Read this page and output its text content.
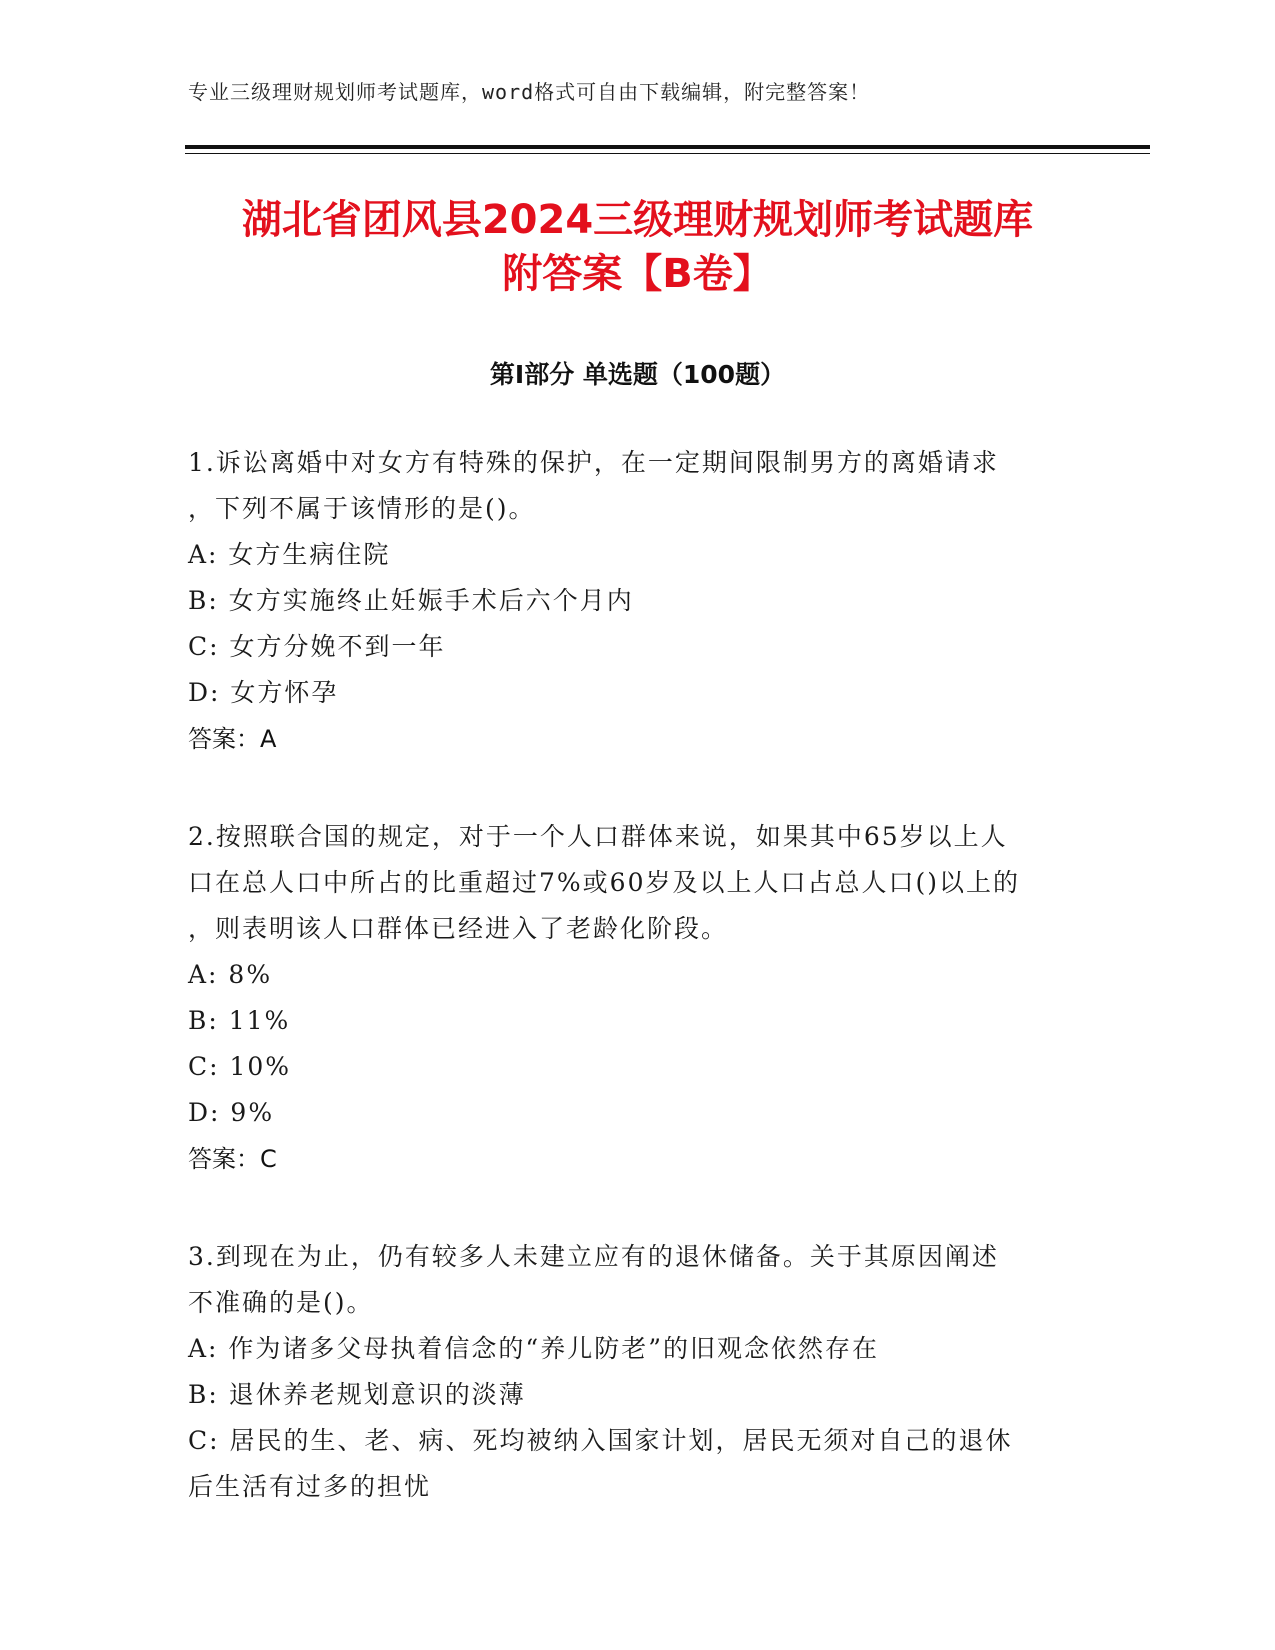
专业三级理财规划师考试题库，word格式可自由下载编辑，附完整答案！
湖北省团风县2024三级理财规划师考试题库
附答案【B卷】
第Ⅰ部分 单选题（100题）
1.诉讼离婚中对女方有特殊的保护，在一定期间限制男方的离婚请求
，下列不属于该情形的是()。
A: 女方生病住院
B: 女方实施终止妊娠手术后六个月内
C: 女方分娩不到一年
D: 女方怀孕
答案：A
2.按照联合国的规定，对于一个人口群体来说，如果其中65岁以上人
口在总人口中所占的比重超过7%或60岁及以上人口占总人口()以上的
，则表明该人口群体已经进入了老龄化阶段。
A: 8%
B: 11%
C: 10%
D: 9%
答案：C
3.到现在为止，仍有较多人未建立应有的退休储备。关于其原因阐述
不准确的是()。
A: 作为诸多父母执着信念的“养儿防老”的旧观念依然存在
B: 退休养老规划意识的淡薄
C: 居民的生、老、病、死均被纳入国家计划，居民无须对自己的退休
后生活有过多的担忧
